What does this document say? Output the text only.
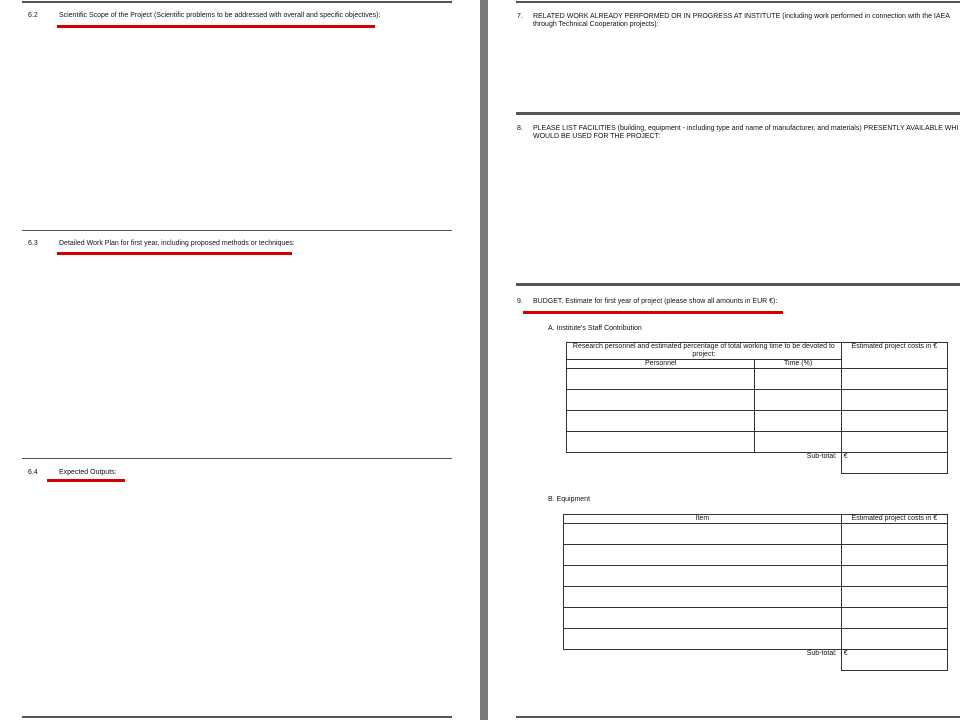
6.2	Scientific Scope of the Project (Scientific problems to be addressed with overall and specific objectives):
6.3	Detailed Work Plan for first year, including proposed methods or techniques:
6.4	Expected Outputs:
7. RELATED WORK ALREADY PERFORMED OR IN PROGRESS AT INSTITUTE (including work performed in connection with the IAEA
through Technical Cooperation projects):
8. PLEASE LIST FACILITIES (building, equipment - including type and name of manufacturer, and materials) PRESENTLY AVAILABLE WHI
WOULD BE USED FOR THE PROJECT:
9. BUDGET. Estimate for first year of project (please show all amounts in EUR €):
A. Institute's Staff Contribution
Research personnel and estimated percentage of total working time to be devoted to
project:		Estimated project costs in €
Personnel	Time (%)	

Sub-total:		€
B. Equipment
Item	Estimated project costs in €

Sub-total:	€
